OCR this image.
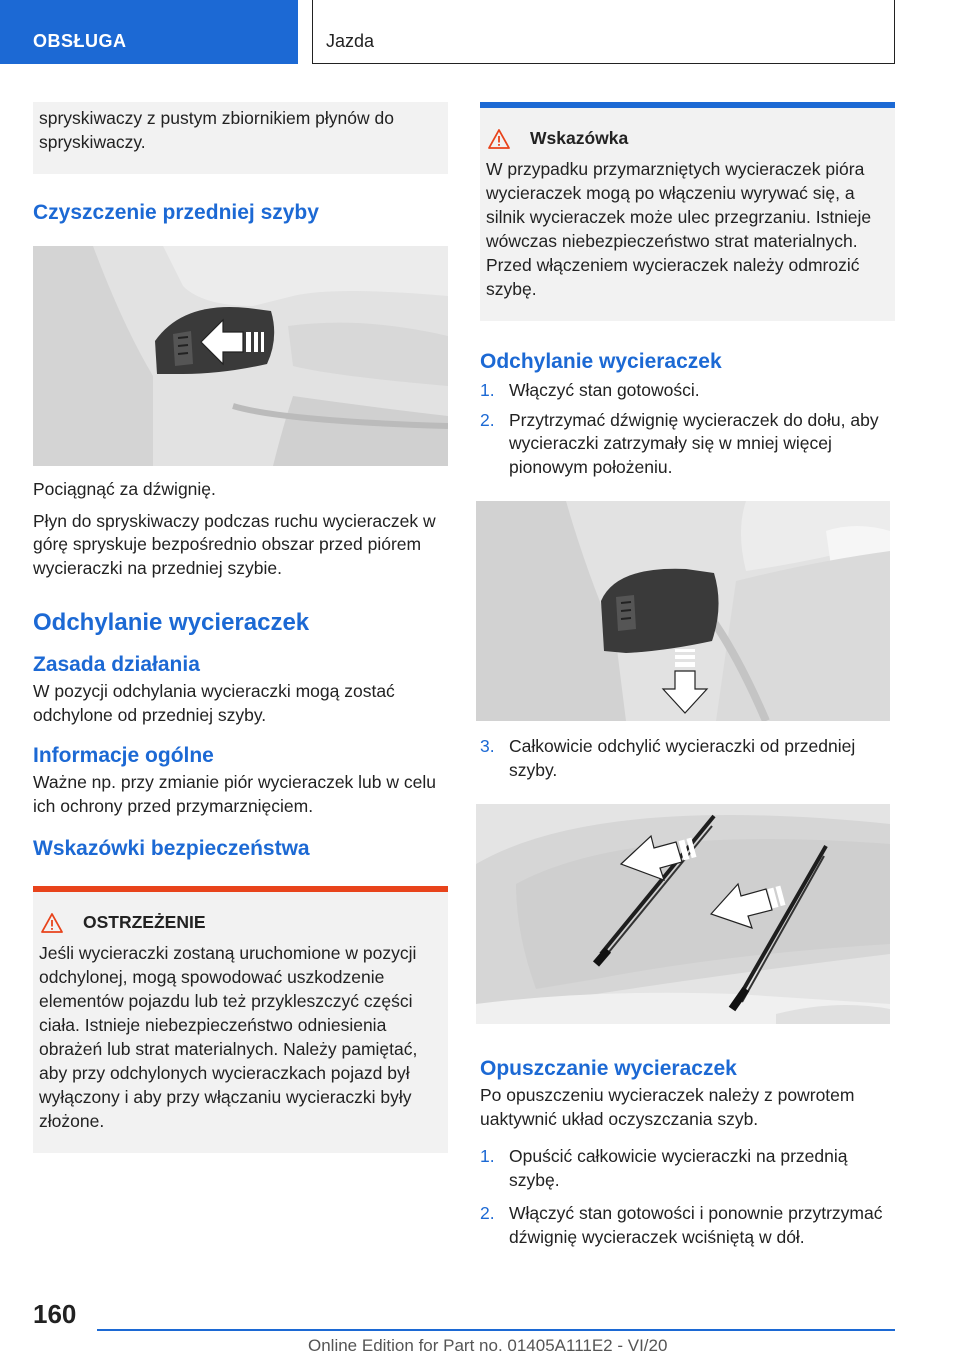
OBSŁUGA	Jazda
spryskiwaczy z pustym zbiornikiem płynów do spryskiwaczy.
Czyszczenie przedniej szyby

Pociągnąć za dźwignię.

Płyn do spryskiwaczy podczas ruchu wycieraczek w górę spryskuje bezpośrednio obszar przed piórem wycieraczki na przedniej szybie.

Odchylanie wycieraczek
Zasada działania

W pozycji odchylania wycieraczki mogą zostać odchylone od przedniej szyby.

Informacje ogólne

Ważne np. przy zmianie piór wycieraczek lub w celu ich ochrony przed przymarznięciem.

Wskazówki bezpieczeństwa
OSTRZEŻENIE
Jeśli wycieraczki zostaną uruchomione w pozycji odchylonej, mogą spowodować uszkodzenie elementów pojazdu lub też przykleszczyć części ciała. Istnieje niebezpieczeństwo odniesienia obrażeń lub strat materialnych. Należy pamiętać, aby przy odchylonych wycieraczkach pojazd był wyłączony i aby przy włączaniu wycieraczki były złożone.
Wskazówka
W przypadku przymarzniętych wycieraczek pióra wycieraczek mogą po włączeniu wyrywać się, a silnik wycieraczek może ulec przegrzaniu. Istnieje wówczas niebezpieczeństwo strat materialnych. Przed włączeniem wycieraczek należy odmrozić szybę.
Odchylanie wycieraczek
1. Włączyć stan gotowości.
2. Przytrzymać dźwignię wycieraczek do dołu, aby wycieraczki zatrzymały się w mniej więcej pionowym położeniu.
3. Całkowicie odchylić wycieraczki od przedniej szyby.
Opuszczanie wycieraczek

Po opuszczeniu wycieraczek należy z powrotem uaktywnić układ oczyszczania szyb.

1. Opuścić całkowicie wycieraczki na przednią szybę.
2. Włączyć stan gotowości i ponownie przytrzymać dźwignię wycieraczek wciśniętą w dół.
160
Online Edition for Part no. 01405A111E2 - VI/20
